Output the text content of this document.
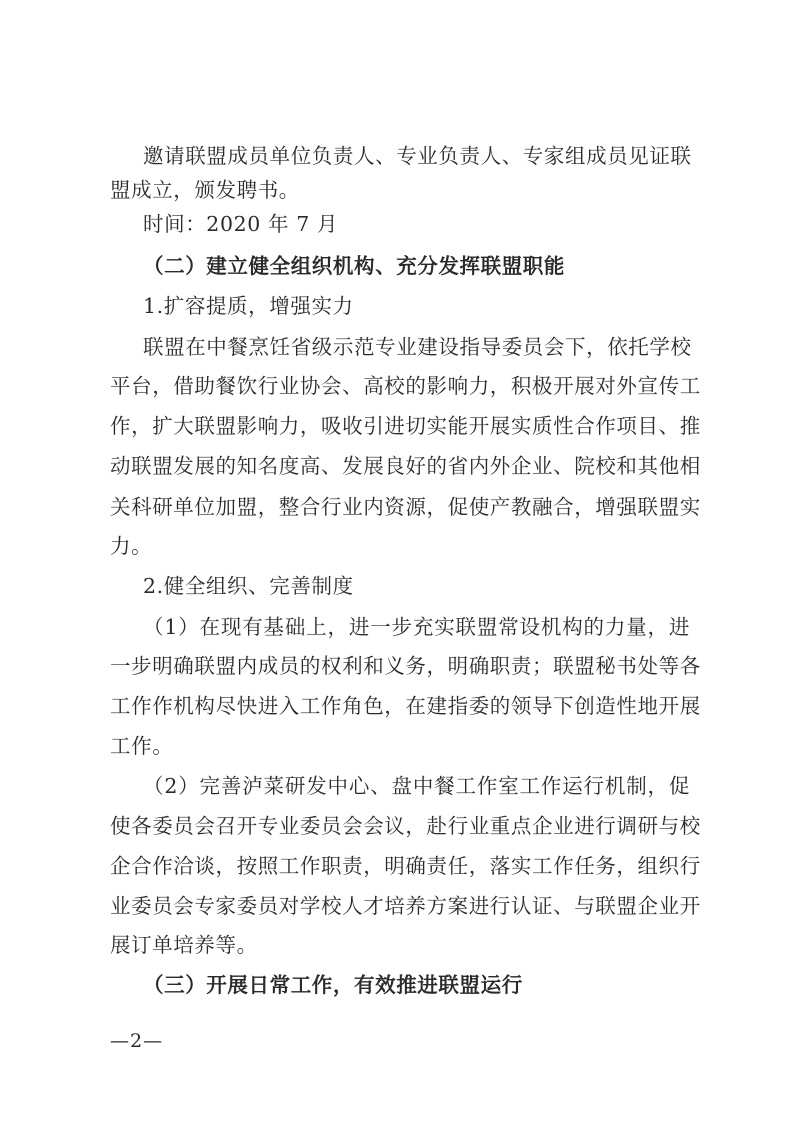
邀请联盟成员单位负责人、专业负责人、专家组成员见证联
盟成立，颁发聘书。
时间：2020 年 7 月
（二）建立健全组织机构、充分发挥联盟职能
1.扩容提质，增强实力
联盟在中餐烹饪省级示范专业建设指导委员会下，依托学校
平台，借助餐饮行业协会、高校的影响力，积极开展对外宣传工
作，扩大联盟影响力，吸收引进切实能开展实质性合作项目、推
动联盟发展的知名度高、发展良好的省内外企业、院校和其他相
关科研单位加盟，整合行业内资源，促使产教融合，增强联盟实
力。
2.健全组织、完善制度
（1）在现有基础上，进一步充实联盟常设机构的力量，进
一步明确联盟内成员的权利和义务，明确职责；联盟秘书处等各
工作作机构尽快进入工作角色，在建指委的领导下创造性地开展
工作。
（2）完善泸菜研发中心、盘中餐工作室工作运行机制，促
使各委员会召开专业委员会会议，赴行业重点企业进行调研与校
企合作洽谈，按照工作职责，明确责任，落实工作任务，组织行
业委员会专家委员对学校人才培养方案进行认证、与联盟企业开
展订单培养等。
（三）开展日常工作，有效推进联盟运行
—2—
